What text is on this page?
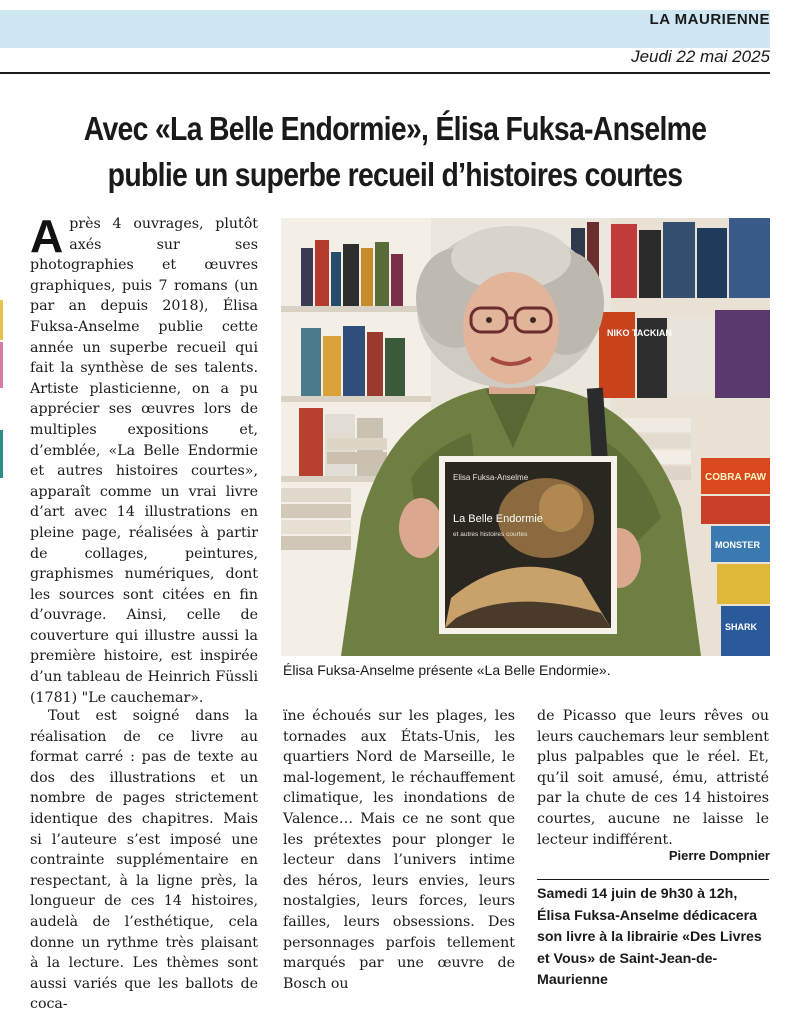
LA MAURIENNE
Jeudi 22 mai 2025
Avec «La Belle Endormie», Élisa Fuksa-Anselme
publie un superbe recueil d’histoires courtes

Après 4 ouvrages, plutôt axés sur ses photographies et œuvres graphiques, puis 7 romans (un par an depuis 2018), Élisa Fuksa-Anselme publie cette année un superbe recueil qui fait la synthèse de ses talents. Artiste plasticienne, on a pu apprécier ses œuvres lors de multiples expositions et, d’emblée, «La Belle Endormie et autres histoires courtes», apparaît comme un vrai livre d’art avec 14 illustrations en pleine page, réalisées à partir de collages, peintures, graphismes numériques, dont les sources sont citées en fin d’ouvrage. Ainsi, celle de couverture qui illustre aussi la première histoire, est inspirée d’un tableau de Heinrich Füssli (1781) "Le cauchemar».

Tout est soigné dans la réalisation de ce livre au format carré : pas de texte au dos des illustrations et un nombre de pages strictement identique des chapitres. Mais si l’auteure s’est imposé une contrainte supplémentaire en respectant, à la ligne près, la longueur de ces 14 histoires, audelà de l’esthétique, cela donne un rythme très plaisant à la lecture. Les thèmes sont aussi variés que les ballots de coca-

ïne échoués sur les plages, les tornades aux États-Unis, les quartiers Nord de Marseille, le mal-logement, le réchauffement climatique, les inondations de Valence… Mais ce ne sont que les prétextes pour plonger le lecteur dans l’univers intime des héros, leurs envies, leurs nostalgies, leurs forces, leurs failles, leurs obsessions. Des personnages parfois tellement marqués par une œuvre de Bosch ou

de Picasso que leurs rêves ou leurs cauchemars leur semblent plus palpables que le réel. Et, qu’il soit amusé, ému, attristé par la chute de ces 14 histoires courtes, aucune ne laisse le lecteur indifférent.

Pierre Dompnier
Samedi 14 juin de 9h30 à 12h, Élisa Fuksa-Anselme dédicacera son livre à la librairie «Des Livres et Vous» de Saint-Jean-de-Maurienne
NIKO TACKIAN
COBRA PAW
MONSTER
SHARK
Elisa Fuksa-Anselme
La Belle Endormie
et autres histoires courtes
Élisa Fuksa-Anselme présente «La Belle Endormie».
